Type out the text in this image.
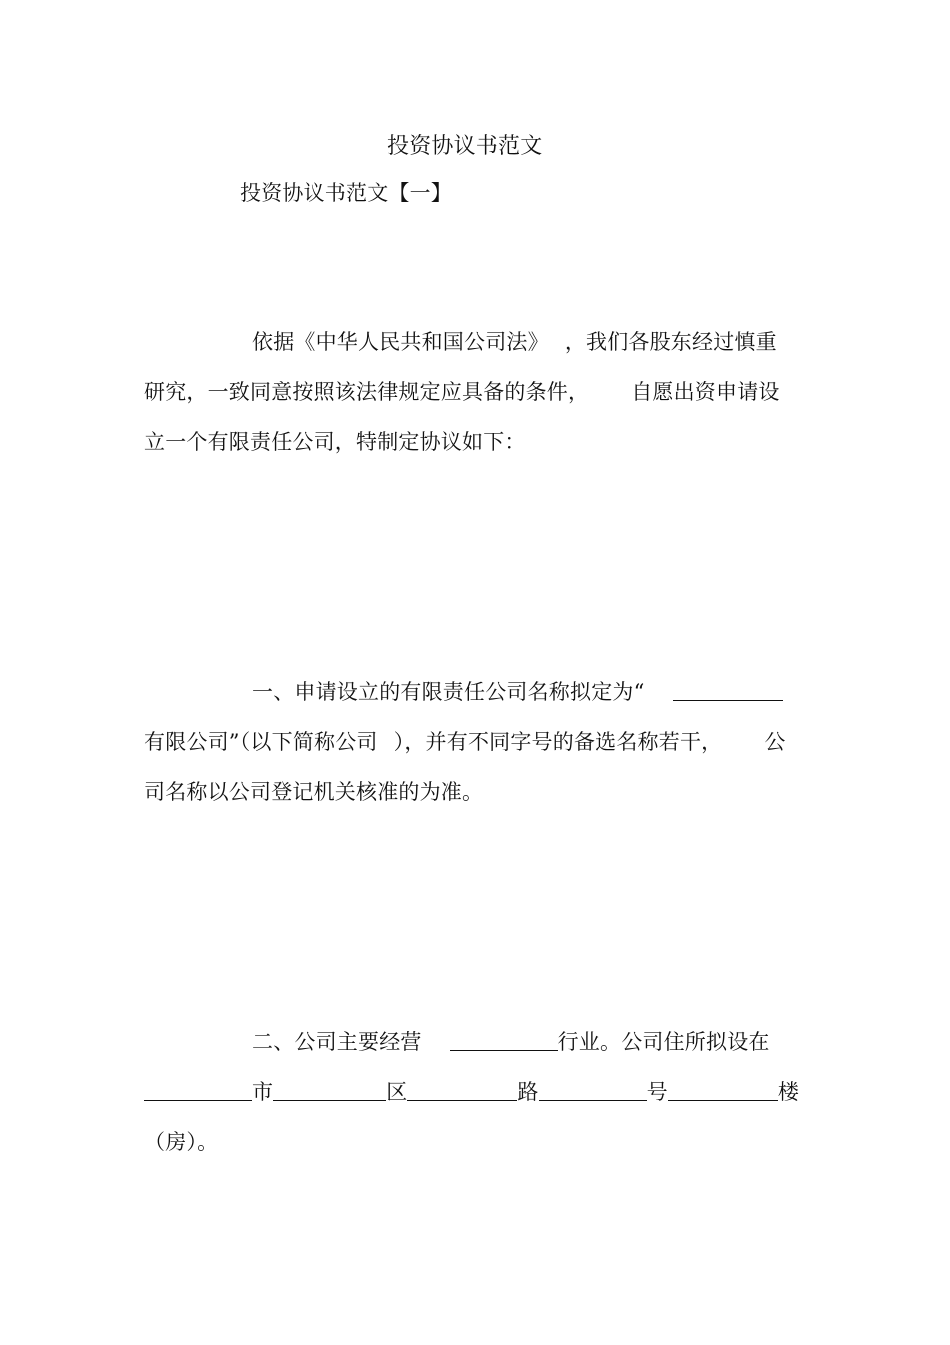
投资协议书范文
投资协议书范文【一】
依据《中华人民共和国公司法》 ，我们各股东经过慎重
研究，一致同意按照该法律规定应具备的条件， 自愿出资申请设
立一个有限责任公司，特制定协议如下：
一、申请设立的有限责任公司名称拟定为“
有限公司”（以下简称公司 ），并有不同字号的备选名称若干， 公
司名称以公司登记机关核准的为准。
二、公司主要经营	行业。公司住所拟设在
市	区	路	号	楼
（房）。
